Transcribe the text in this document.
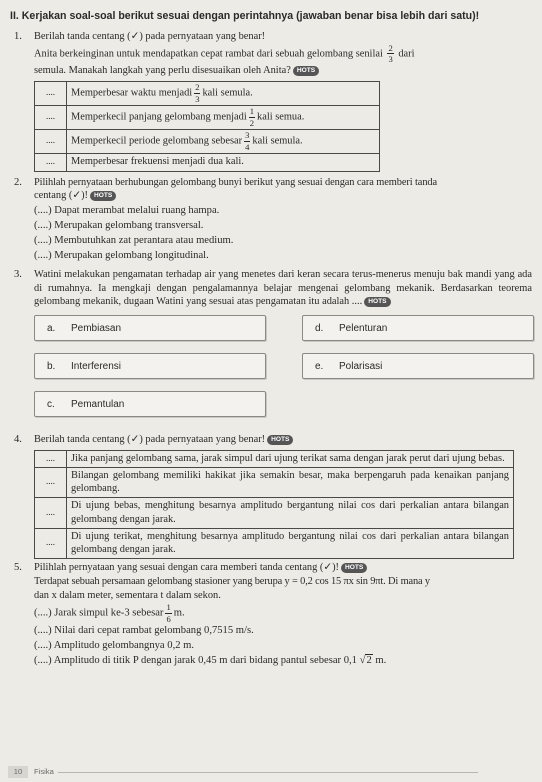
II. Kerjakan soal-soal berikut sesuai dengan perintahnya (jawaban benar bisa lebih dari satu)!
1. Berilah tanda centang (✓) pada pernyataan yang benar!
Anita berkeinginan untuk mendapatkan cepat rambat dari sebuah gelombang senilai $\frac{2}{3}$ dari
semula. Manakah langkah yang perlu disesuaikan oleh Anita? HOTS
....	Memperbesar waktu menjadi $\frac{2}{3}$ kali semula.
....	Memperkecil panjang gelombang menjadi $\frac{1}{2}$ kali semua.
....	Memperkecil periode gelombang sebesar $\frac{3}{4}$ kali semula.
....	Memperbesar frekuensi menjadi dua kali.
2. Pilihlah pernyataan berhubungan gelombang bunyi berikut yang sesuai dengan cara memberi tanda
centang (✓)! HOTS
(....) Dapat merambat melalui ruang hampa.
(....) Merupakan gelombang transversal.
(....) Membutuhkan zat perantara atau medium.
(....) Merupakan gelombang longitudinal.
3. Watini melakukan pengamatan terhadap air yang menetes dari keran secara terus-menerus menuju bak mandi yang ada di rumahnya. Ia mengkaji dengan pengalamannya belajar mengenai gelombang mekanik. Berdasarkan teorema gelombang mekanik, dugaan Watini yang sesuai atas pengamatan itu adalah .... HOTS
a. Pembiasan	d. Pelenturan
b. Interferensi	e. Polarisasi
c. Pemantulan
4. Berilah tanda centang (✓) pada pernyataan yang benar! HOTS
....	Jika panjang gelombang sama, jarak simpul dari ujung terikat sama dengan jarak perut dari ujung bebas.
....	Bilangan gelombang memiliki hakikat jika semakin besar, maka berpengaruh pada kenaikan panjang gelombang.
....	Di ujung bebas, menghitung besarnya amplitudo bergantung nilai cos dari perkalian antara bilangan gelombang dengan jarak.
....	Di ujung terikat, menghitung besarnya amplitudo bergantung nilai cos dari perkalian antara bilangan gelombang dengan jarak.
5. Pilihlah pernyataan yang sesuai dengan cara memberi tanda centang (✓)! HOTS
Terdapat sebuah persamaan gelombang stasioner yang berupa y = 0,2 cos 15 πx sin 9πt. Di mana y
dan x dalam meter, sementara t dalam sekon.
(....) Jarak simpul ke-3 sebesar $\frac{1}{6} m$.
(....) Nilai dari cepat rambat gelombang 0,7515 m/s.
(....) Amplitudo gelombangnya 0,2 m.
(....) Amplitudo di titik P dengan jarak 0,45 m dari bidang pantul sebesar 0,1 √2 m.
10 Fisika
